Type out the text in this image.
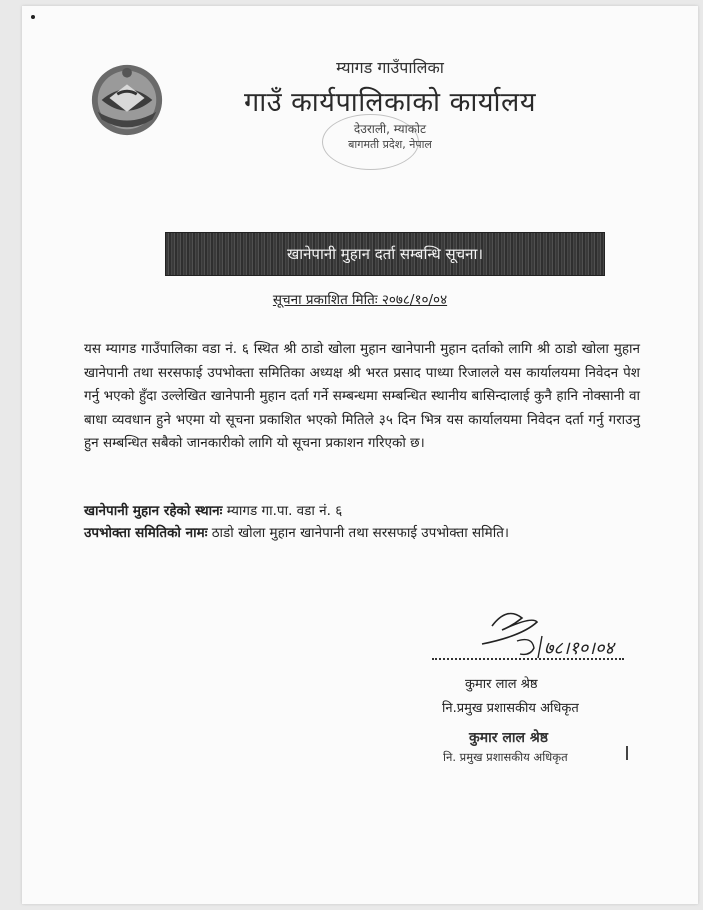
म्यागड गाउँपालिका
गाउँ कार्यपालिकाको कार्यालय
देउराली, म्याकोट
बागमती प्रदेश, नेपाल
खानेपानी मुहान दर्ता सम्बन्धि सूचना।
सूचना प्रकाशित मितिः २०७८/१०/०४
यस म्यागड गाउँपालिका वडा नं. ६ स्थित श्री ठाडो खोला मुहान खानेपानी मुहान दर्ताको लागि श्री ठाडो खोला मुहान खानेपानी तथा सरसफाई उपभोक्ता समितिका अध्यक्ष श्री भरत प्रसाद पाध्या रिजालले यस कार्यालयमा निवेदन पेश गर्नु भएको हुँदा उल्लेखित खानेपानी मुहान दर्ता गर्ने सम्बन्धमा सम्बन्धित स्थानीय बासिन्दालाई कुनै हानि नोक्सानी वा बाधा व्यवधान हुने भएमा यो सूचना प्रकाशित भएको मितिले ३५ दिन भित्र यस कार्यालयमा निवेदन दर्ता गर्नु गराउनु हुन सम्बन्धित सबैको जानकारीको लागि यो सूचना प्रकाशन गरिएको छ।
खानेपानी मुहान रहेको स्थानः म्यागड गा.पा. वडा नं. ६
उपभोक्ता समितिको नामः ठाडो खोला मुहान खानेपानी तथा सरसफाई उपभोक्ता समिति।
७८।१०।०४
कुमार लाल श्रेष्ठ
नि.प्रमुख प्रशासकीय अधिकृत
कुमार लाल श्रेष्ठ
नि. प्रमुख प्रशासकीय अधिकृत
